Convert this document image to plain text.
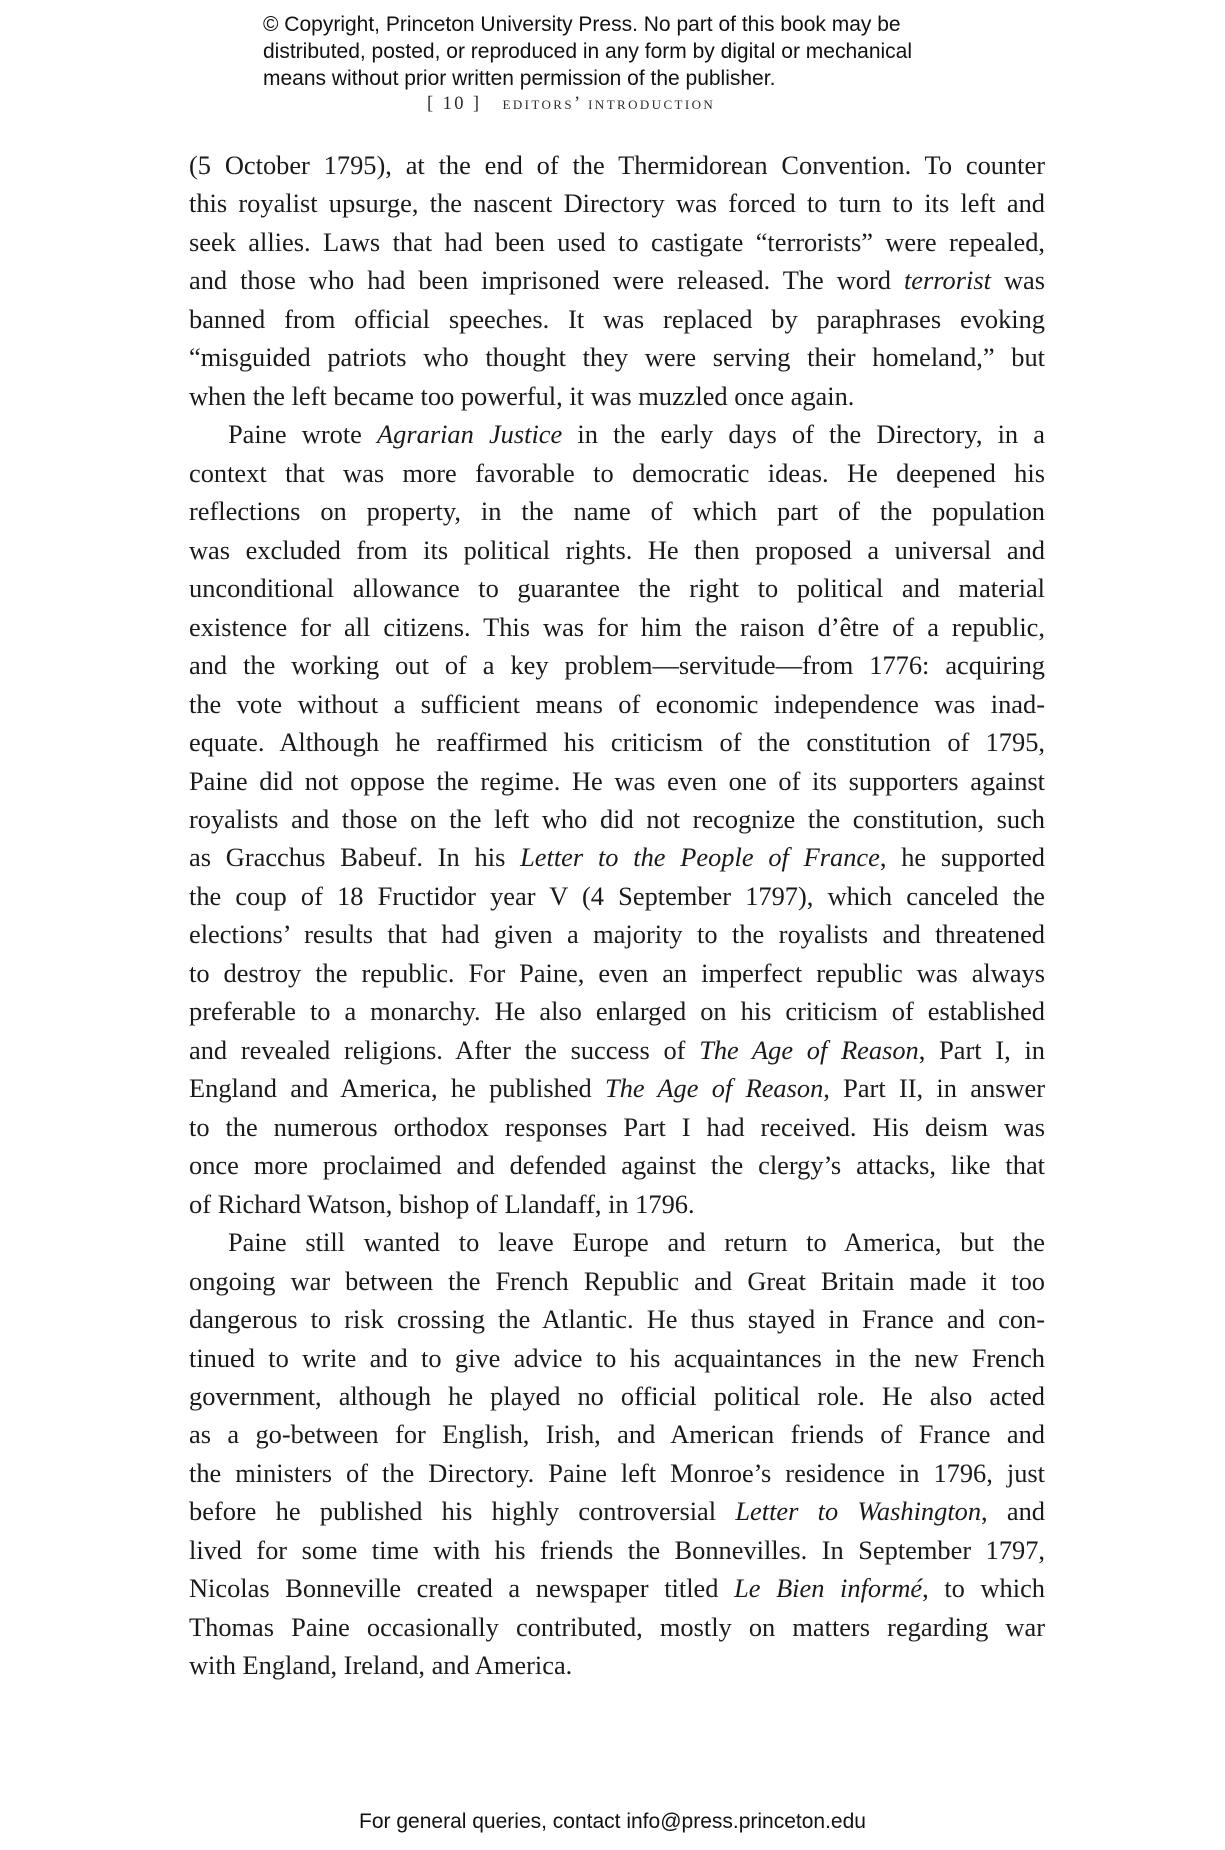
© Copyright, Princeton University Press. No part of this book may be
distributed, posted, or reproduced in any form by digital or mechanical
means without prior written permission of the publisher.
[ 10 ] editors’ introduction
(5 October 1795), at the end of the Thermidorean Convention. To counter
this royalist upsurge, the nascent Directory was forced to turn to its left and
seek allies. Laws that had been used to castigate “terrorists” were repealed,
and those who had been imprisoned were released. The word terrorist was
banned from official speeches. It was replaced by paraphrases evoking
“misguided patriots who thought they were serving their homeland,” but
when the left became too powerful, it was muzzled once again.
Paine wrote Agrarian Justice in the early days of the Directory, in a
context that was more favorable to democratic ideas. He deepened his
reflections on property, in the name of which part of the population
was excluded from its political rights. He then proposed a universal and
unconditional allowance to guarantee the right to political and material
existence for all citizens. This was for him the raison d’être of a republic,
and the working out of a key problem—servitude—from 1776: acquiring
the vote without a sufficient means of economic independence was inad-
equate. Although he reaffirmed his criticism of the constitution of 1795,
Paine did not oppose the regime. He was even one of its supporters against
royalists and those on the left who did not recognize the constitution, such
as Gracchus Babeuf. In his Letter to the People of France, he supported
the coup of 18 Fructidor year V (4 September 1797), which canceled the
elections’ results that had given a majority to the royalists and threatened
to destroy the republic. For Paine, even an imperfect republic was always
preferable to a monarchy. He also enlarged on his criticism of established
and revealed religions. After the success of The Age of Reason, Part I, in
England and America, he published The Age of Reason, Part II, in answer
to the numerous orthodox responses Part I had received. His deism was
once more proclaimed and defended against the clergy’s attacks, like that
of Richard Watson, bishop of Llandaff, in 1796.
Paine still wanted to leave Europe and return to America, but the
ongoing war between the French Republic and Great Britain made it too
dangerous to risk crossing the Atlantic. He thus stayed in France and con-
tinued to write and to give advice to his acquaintances in the new French
government, although he played no official political role. He also acted
as a go-between for English, Irish, and American friends of France and
the ministers of the Directory. Paine left Monroe’s residence in 1796, just
before he published his highly controversial Letter to Washington, and
lived for some time with his friends the Bonnevilles. In September 1797,
Nicolas Bonneville created a newspaper titled Le Bien informé, to which
Thomas Paine occasionally contributed, mostly on matters regarding war
with England, Ireland, and America.
For general queries, contact info@press.princeton.edu
